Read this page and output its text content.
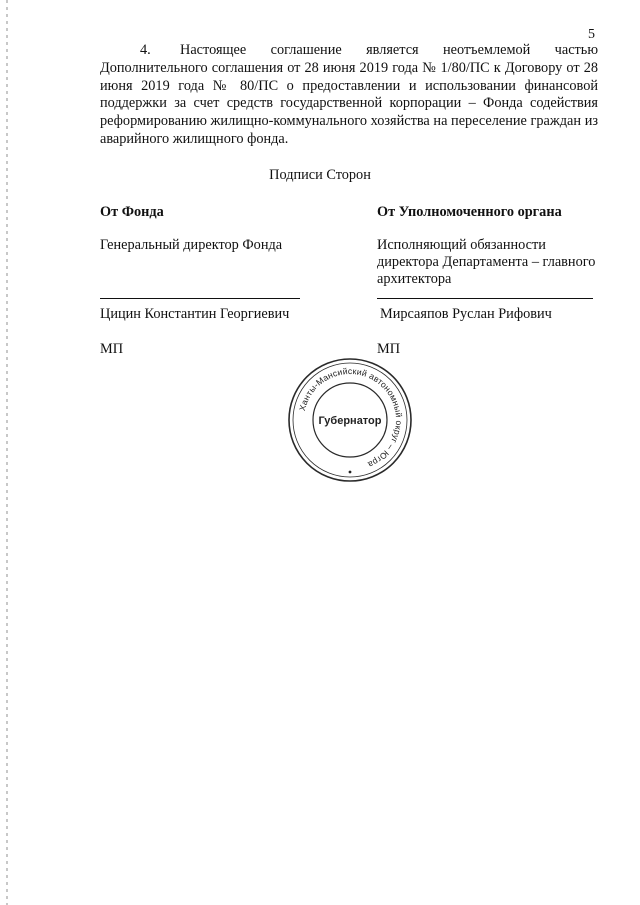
5

4. Настоящее соглашение является неотъемлемой частью Дополнительного соглашения от 28 июня 2019 года № 1/80/ПС к Договору от 28 июня 2019 года № 80/ПС о предоставлении и использовании финансовой поддержки за счет средств государственной корпорации – Фонда содействия реформированию жилищно-коммунального хозяйства на переселение граждан из аварийного жилищного фонда.

Подписи Сторон
От Фонда
Генеральный директор Фонда
Цицин Константин Георгиевич
МП
От Уполномоченного органа
Исполняющий обязанности
директора Департамента – главного
архитектора
Мирсаяпов Руслан Рифович
МП
Ханты-Мансийский автономный округ – Югра
Губернатор
